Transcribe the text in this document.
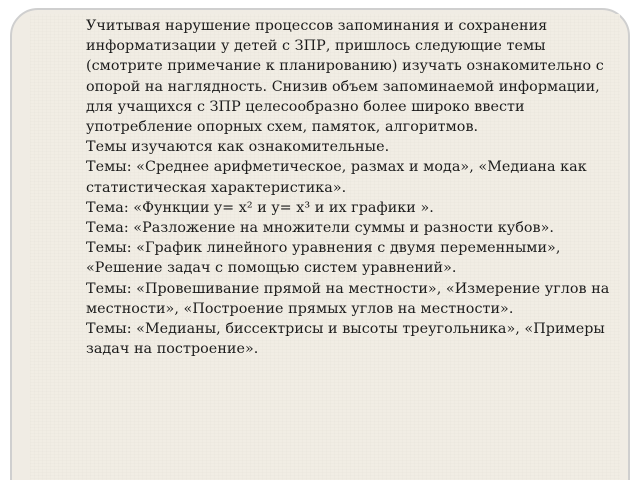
Учитывая нарушение процессов запоминания и сохранения информатизации у детей с ЗПР, пришлось следующие темы (смотрите примечание к планированию) изучать ознакомительно с опорой на наглядность. Снизив объем запоминаемой информации, для учащихся с ЗПР целесообразно более широко ввести употребление опорных схем, памяток, алгоритмов.

Темы изучаются как ознакомительные.

Темы: «Среднее арифметическое, размах и мода», «Медиана как статистическая характеристика».

Тема: «Функции y= x² и y= x³ и их графики ».

Тема: «Разложение на множители суммы и разности кубов».

Темы: «График линейного уравнения с двумя переменными», «Решение задач с помощью систем уравнений».

Темы: «Провешивание прямой на местности», «Измерение углов на местности», «Построение прямых углов на местности».

Темы: «Медианы, биссектрисы и высоты треугольника», «Примеры задач на построение».
